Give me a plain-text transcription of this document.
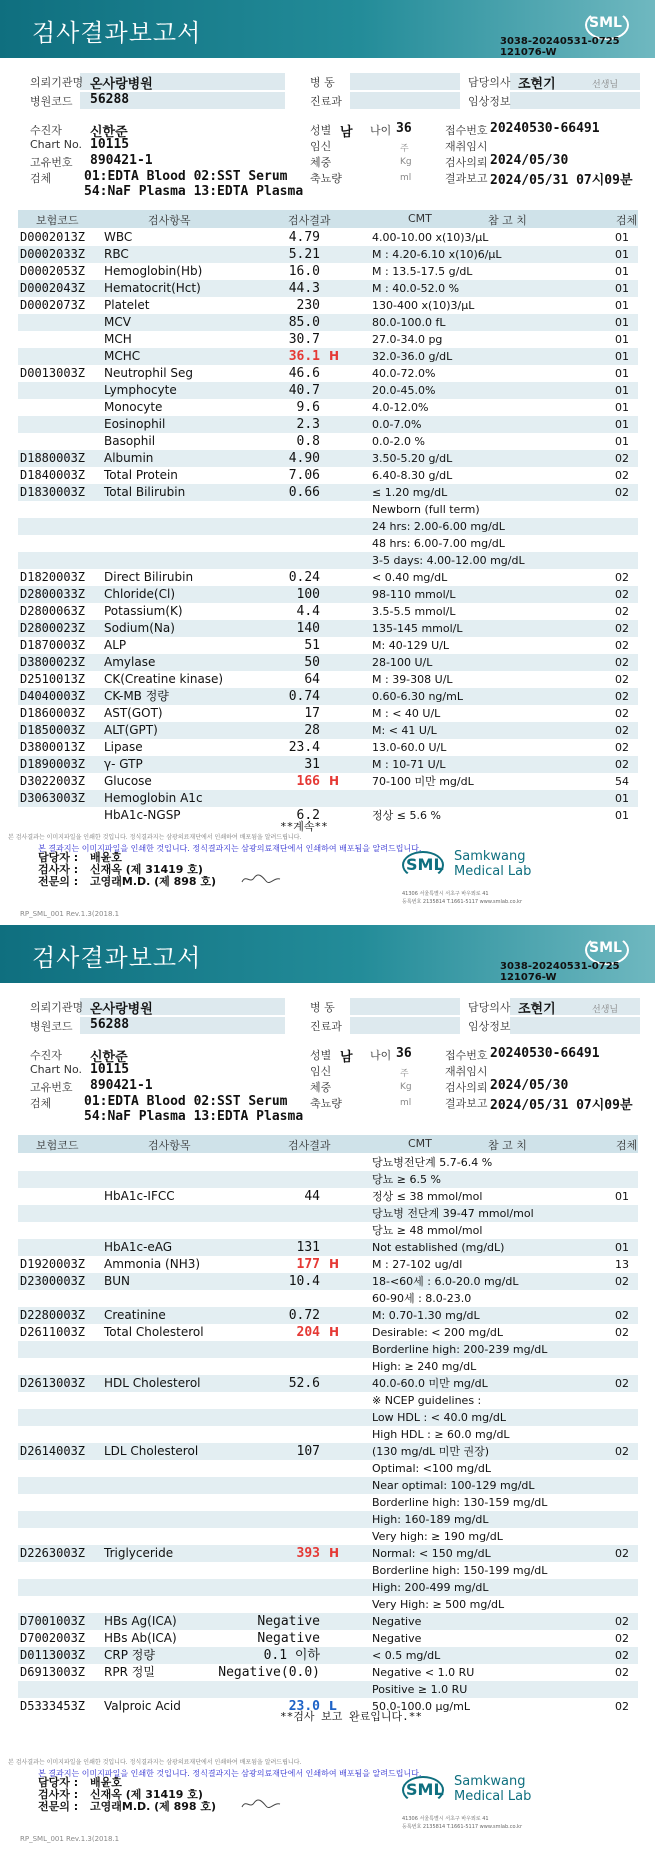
검사결과보고서	SML
3038-20240531-0725
121076-W
의뢰기관명 온사랑병원
병원코드 56288
병 동
진료과
담당의사 조현기	선생님
임상정보
수진자 신한준	성별 남 나이 36	접수번호 20240530-66491
Chart No. 10115	임신	주	재취임시
고유번호 890421-1	체중	Kg	검사의뢰 2024/05/30
검체	01:EDTA Blood 02:SST Serum
54:NaF Plasma 13:EDTA Plasma
축뇨량	ml	결과보고 2024/05/31 07시09분
보험코드	검사항목	검사결과	CMT	참 고 치	검체
D0002013Z WBC	4.79	4.00-10.00 x(10)3/μL	01
D0002033Z RBC	5.21	M : 4.20-6.10 x(10)6/μL	01
D0002053Z Hemoglobin(Hb)	16.0	M : 13.5-17.5 g/dL	01
D0002043Z Hematocrit(Hct)	44.3	M : 40.0-52.0 %	01
D0002073Z Platelet	230	130-400 x(10)3/μL	01
MCV	85.0	80.0-100.0 fL	01
MCH	30.7	27.0-34.0 pg	01
MCHC	36.1 H	32.0-36.0 g/dL	01
D0013003Z Neutrophil Seg	46.6	40.0-72.0%	01
Lymphocyte	40.7	20.0-45.0%	01
Monocyte	9.6	4.0-12.0%	01
Eosinophil	2.3	0.0-7.0%	01
Basophil	0.8	0.0-2.0 %	01
D1880003Z Albumin	4.90	3.50-5.20 g/dL	02
D1840003Z Total Protein	7.06	6.40-8.30 g/dL	02
D1830003Z Total Bilirubin	0.66	≤ 1.20 mg/dL	02
Newborn (full term)
24 hrs: 2.00-6.00 mg/dL
48 hrs: 6.00-7.00 mg/dL
3-5 days: 4.00-12.00 mg/dL
D1820003Z Direct Bilirubin	0.24	< 0.40 mg/dL	02
D2800033Z Chloride(Cl)	100	98-110 mmol/L	02
D2800063Z Potassium(K)	4.4	3.5-5.5 mmol/L	02
D2800023Z Sodium(Na)	140	135-145 mmol/L	02
D1870003Z ALP	51	M: 40-129 U/L	02
D3800023Z Amylase	50	28-100 U/L	02
D2510013Z CK(Creatine kinase)	64	M : 39-308 U/L	02
D4040003Z CK-MB 정량	0.74	0.60-6.30 ng/mL	02
D1860003Z AST(GOT)	17	M : < 40 U/L	02
D1850003Z ALT(GPT)	28	M: < 41 U/L	02
D3800013Z Lipase	23.4	13.0-60.0 U/L	02
D1890003Z γ- GTP	31	M : 10-71 U/L	02
D3022003Z Glucose	166 H	70-100 미만 mg/dL	54
D3063003Z Hemoglobin A1c	01
HbA1c-NGSP	6.2	정상 ≤ 5.6 %	01
**계속**
본 검사결과는 이미지파일을 인쇄한 것입니다. 정식결과지는 삼광의료재단에서 인쇄하여 배포됨을 알려드립니다.
본 결과지는 이미지파일을 인쇄한 것입니다. 정식결과지는 삼광의료재단에서 인쇄하여 배포됨을 알려드립니다.
담당자 : 배윤호
검사자 : 신재옥 (제 31419 호)
전문의 : 고영래M.D. (제 898 호)
SML Samkwang
Medical Lab
41306 서울특별시 서초구 바우뫼로 41
등록번호 2135814 T.1661-5117 www.smlab.co.kr
RP_SML_001 Rev.1.3(2018.1
검사결과보고서	SML
3038-20240531-0725
121076-W
의뢰기관명 온사랑병원
병원코드 56288
병 동
진료과
담당의사 조현기	선생님
임상정보
수진자 신한준	성별 남 나이 36	접수번호 20240530-66491
Chart No. 10115	임신	주	재취임시
고유번호 890421-1	체중	Kg	검사의뢰 2024/05/30
검체	01:EDTA Blood 02:SST Serum
54:NaF Plasma 13:EDTA Plasma
축뇨량	ml	결과보고 2024/05/31 07시09분
보험코드	검사항목	검사결과	CMT	참 고 치	검체
당뇨병전단계 5.7-6.4 %
당뇨 ≥ 6.5 %
HbA1c-IFCC	44	정상 ≤ 38 mmol/mol	01
당뇨병 전단계 39-47 mmol/mol
당뇨 ≥ 48 mmol/mol
HbA1c-eAG	131	Not established (mg/dL)	01
D1920003Z Ammonia (NH3)	177 H	M : 27-102 ug/dl	13
D2300003Z BUN	10.4	18-<60세 : 6.0-20.0 mg/dL	02
60-90세 : 8.0-23.0
D2280003Z Creatinine	0.72	M: 0.70-1.30 mg/dL	02
D2611003Z Total Cholesterol	204 H	Desirable: < 200 mg/dL	02
Borderline high: 200-239 mg/dL
High: ≥ 240 mg/dL
D2613003Z HDL Cholesterol	52.6	40.0-60.0 미만 mg/dL	02
※ NCEP guidelines :
Low HDL : < 40.0 mg/dL
High HDL : ≥ 60.0 mg/dL
D2614003Z LDL Cholesterol	107	(130 mg/dL 미만 권장)	02
Optimal: <100 mg/dL
Near optimal: 100-129 mg/dL
Borderline high: 130-159 mg/dL
High: 160-189 mg/dL
Very high: ≥ 190 mg/dL
D2263003Z Triglyceride	393 H	Normal: < 150 mg/dL	02
Borderline high: 150-199 mg/dL
High: 200-499 mg/dL
Very High: ≥ 500 mg/dL
D7001003Z HBs Ag(ICA)	Negative	Negative	02
D7002003Z HBs Ab(ICA)	Negative	Negative	02
D0113003Z CRP 정량	0.1 이하	< 0.5 mg/dL	02
D6913003Z RPR 정밀	Negative(0.0)	Negative < 1.0 RU	02
Positive ≥ 1.0 RU
D5333453Z Valproic Acid	23.0 L	50.0-100.0 μg/mL	02
**검사 보고 완료입니다.**
본 검사결과는 이미지파일을 인쇄한 것입니다. 정식결과지는 삼광의료재단에서 인쇄하여 배포됨을 알려드립니다.
본 결과지는 이미지파일을 인쇄한 것입니다. 정식결과지는 삼광의료재단에서 인쇄하여 배포됨을 알려드립니다.
담당자 : 배윤호
검사자 : 신재옥 (제 31419 호)
전문의 : 고영래M.D. (제 898 호)
SML Samkwang
Medical Lab
41306 서울특별시 서초구 바우뫼로 41
등록번호 2135814 T.1661-5117 www.smlab.co.kr
RP_SML_001 Rev.1.3(2018.1
